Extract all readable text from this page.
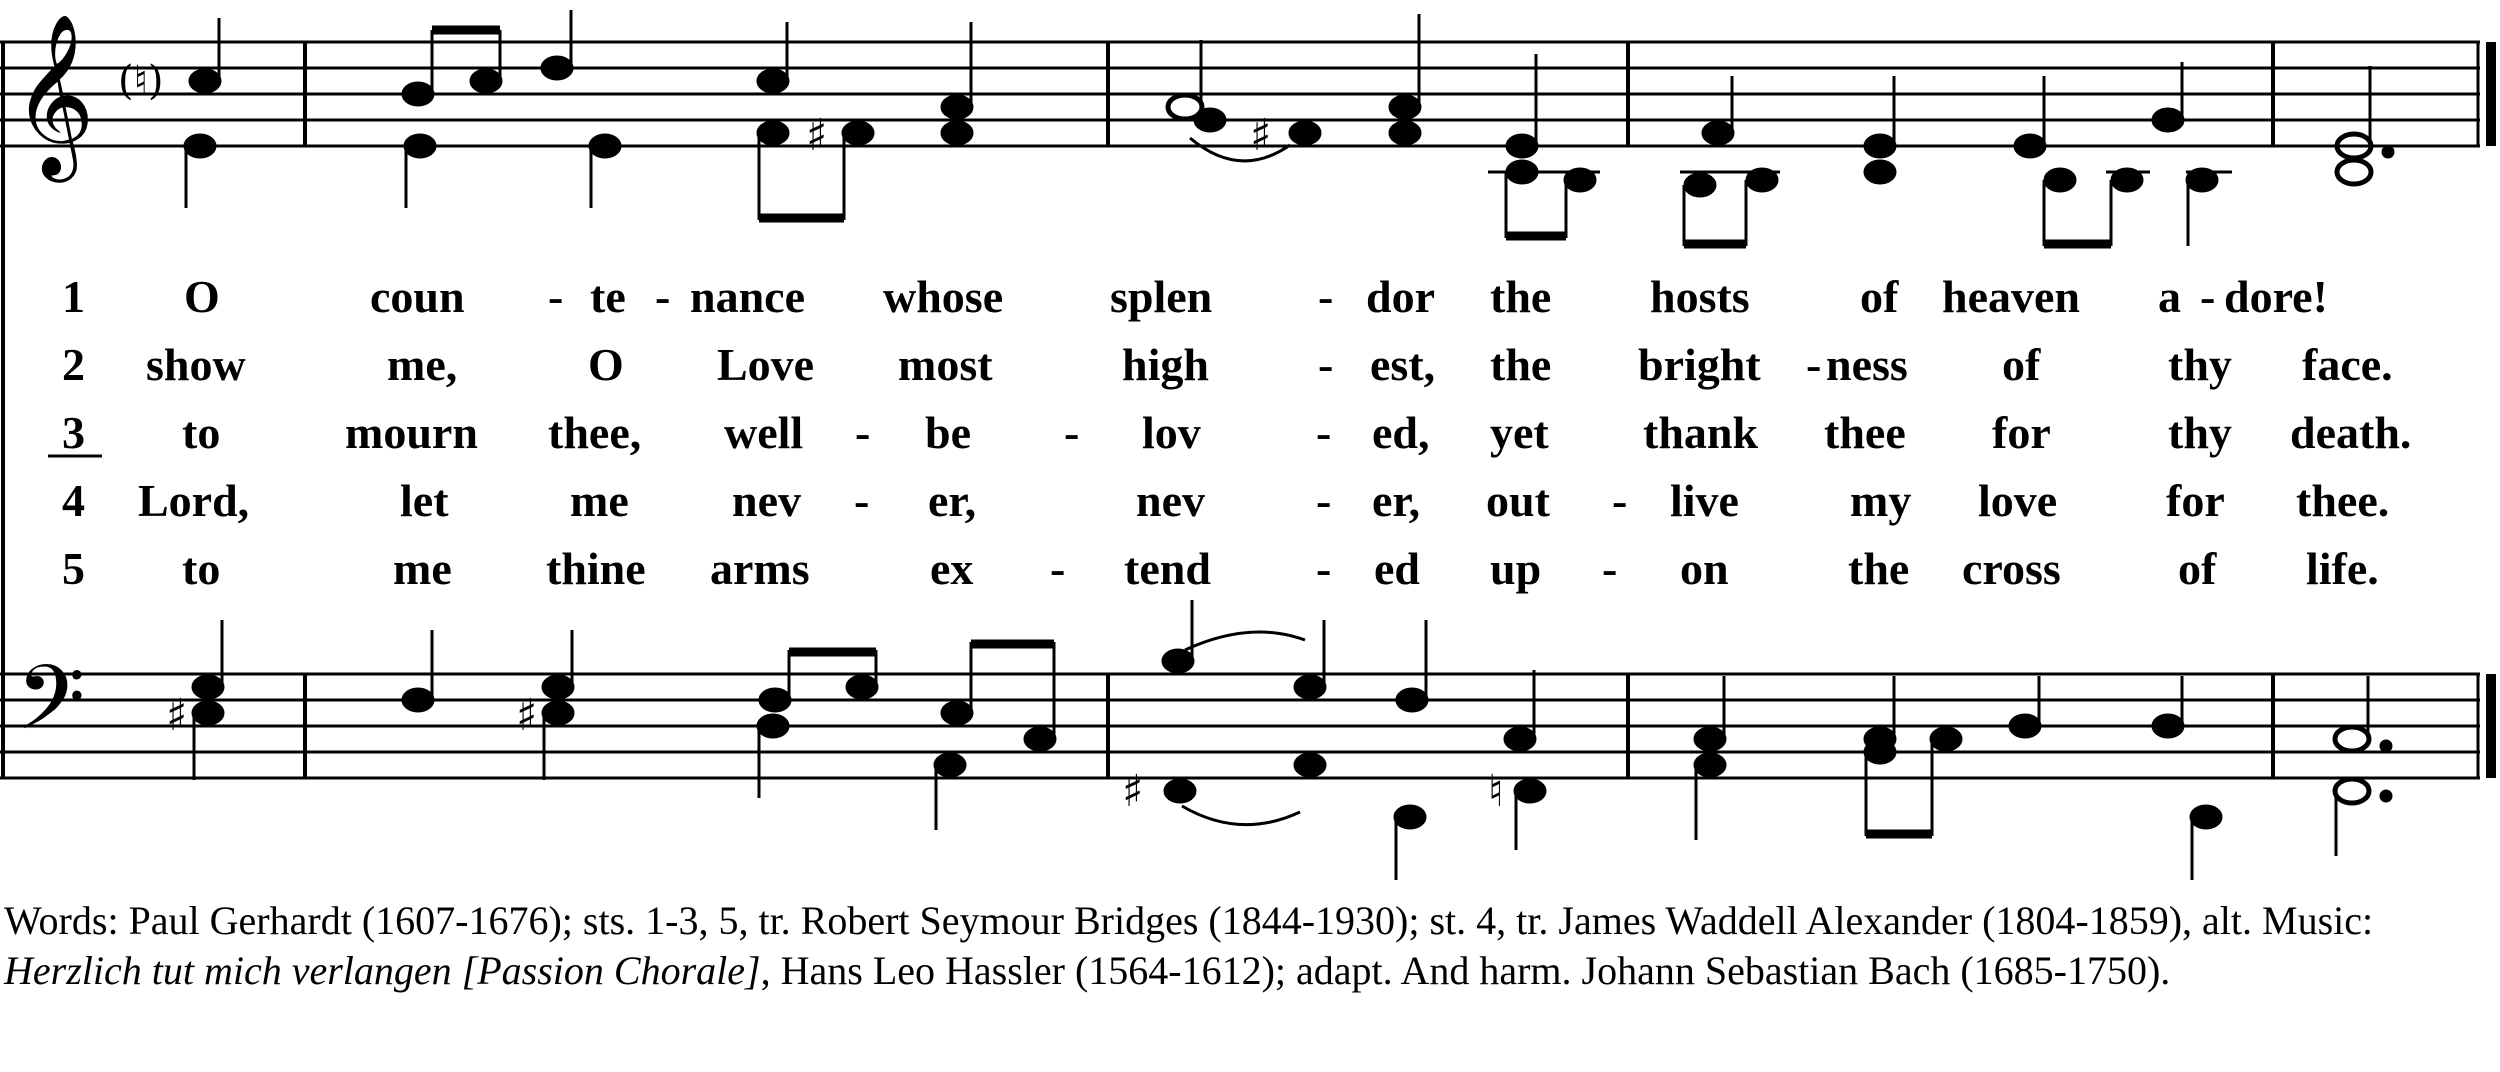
𝄞
𝄢
(♮)
♯	♯
1
2
3
4
5
O	coun - te - nance whose splen - dor the hosts of heaven a - dore!
show	me,	O Love most	high - est, the bright - ness of	thy face.
to	mourn thee, well - be - lov	- ed, yet thank thee for	thy death.
Lord,	let	me nev - er,	nev - er, out - live my love for thee.
to	me thine arms	ex - tend - ed up - on	the cross	of life.
♯	♯
♯	♮
Words: Paul Gerhardt (1607-1676); sts. 1-3, 5, tr. Robert Seymour Bridges (1844-1930); st. 4, tr. James Waddell Alexander (1804-1859), alt. Music: Herzlich tut mich verlangen [Passion Chorale], Hans Leo Hassler (1564-1612); adapt. And harm. Johann Sebastian Bach (1685-1750).
